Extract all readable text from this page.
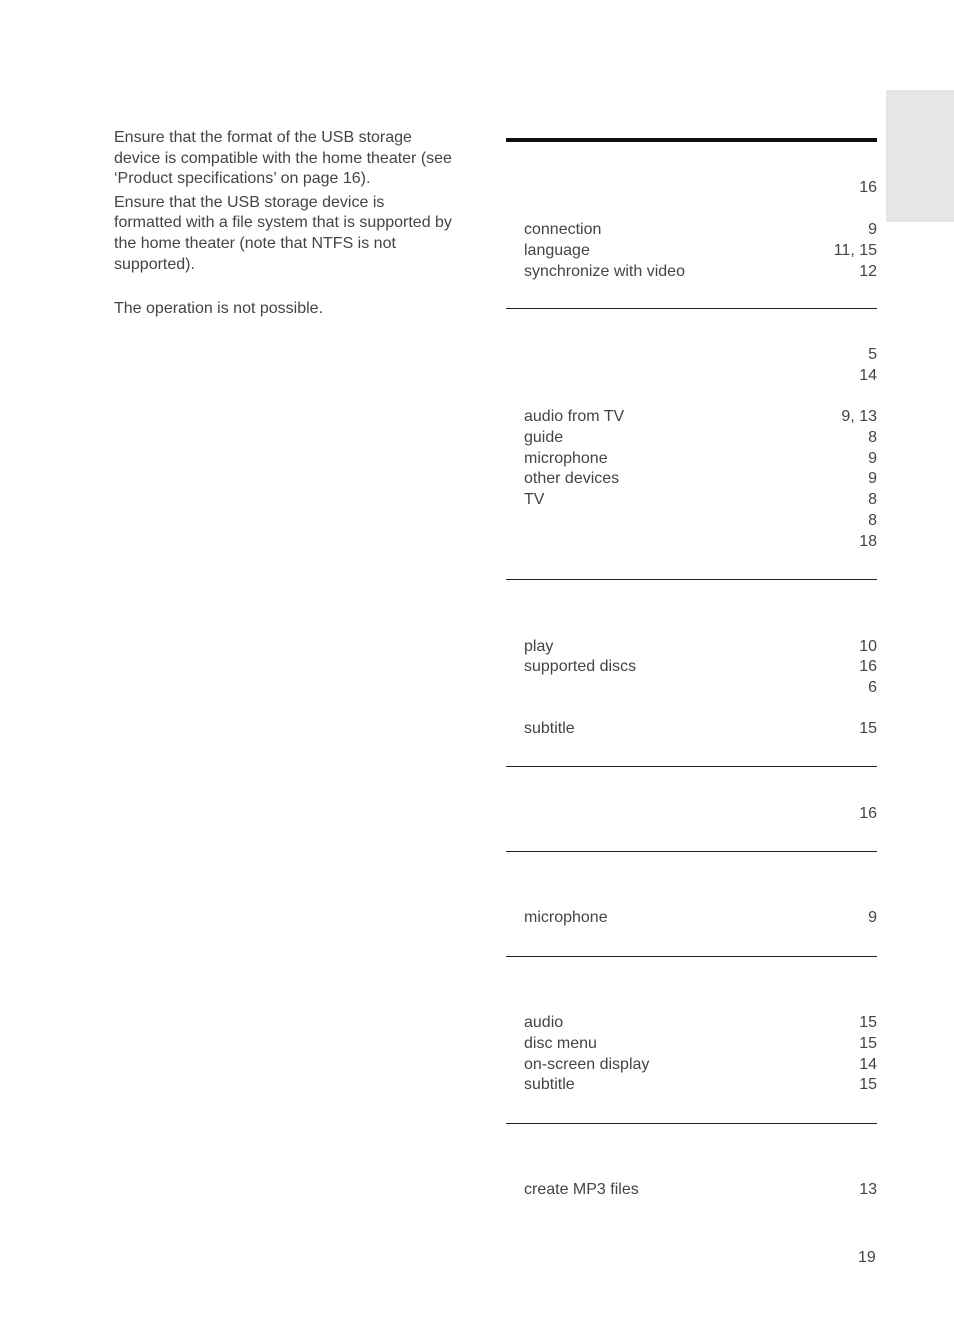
Ensure that the format of the USB storage device is compatible with the home theater (see ‘Product specifications’ on page 16).

Ensure that the USB storage device is formatted with a file system that is supported by the home theater (note that NTFS is not supported).

The operation is not possible.

16
connection	9
language	11, 15
synchronize with video	12
5
14
audio from TV	9, 13
guide	8
microphone	9
other devices	9
TV	8
8
18
play	10
supported discs	16
6
subtitle	15
16
microphone	9
audio	15
disc menu	15
on-screen display	14
subtitle	15
create MP3 files	13
19
